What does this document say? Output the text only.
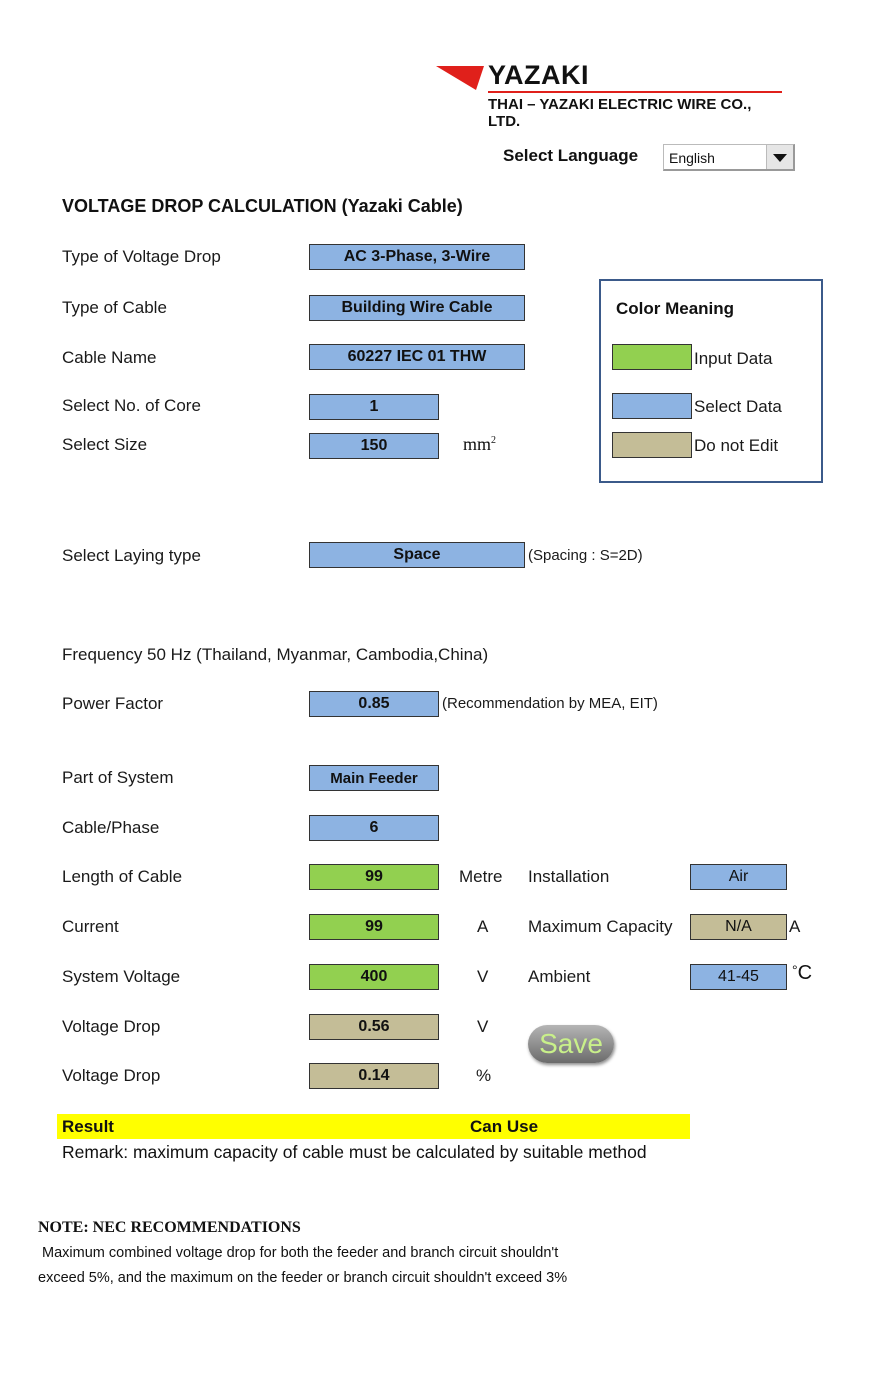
YAZAKI
THAI – YAZAKI ELECTRIC WIRE CO., LTD.
Select Language English
VOLTAGE DROP CALCULATION (Yazaki Cable)
Type of Voltage Drop	AC 3-Phase, 3-Wire
Type of Cable	Building Wire Cable
Cable Name	60227 IEC 01 THW
Select No. of Core	1
Select Size	150	$mm^2$
Color Meaning
Input Data
Select Data
Do not Edit
Select Laying type	Space	(Spacing : S=2D)
Frequency 50 Hz (Thailand, Myanmar, Cambodia,China)
Power Factor	0.85	(Recommendation by MEA, EIT)
Part of System	Main Feeder
Cable/Phase	6
Length of Cable	99	Metre
Current	99	A
System Voltage	400	V
Voltage Drop	0.56	V
Voltage Drop	0.14	%
Installation	Air
Maximum Capacity	N/A	A
Ambient	41-45	°C
Save
Result	Can Use
Remark: maximum capacity of cable must be calculated by suitable method
NOTE: NEC RECOMMENDATIONS
Maximum combined voltage drop for both the feeder and branch circuit shouldn't
exceed 5%, and the maximum on the feeder or branch circuit shouldn't exceed 3%
